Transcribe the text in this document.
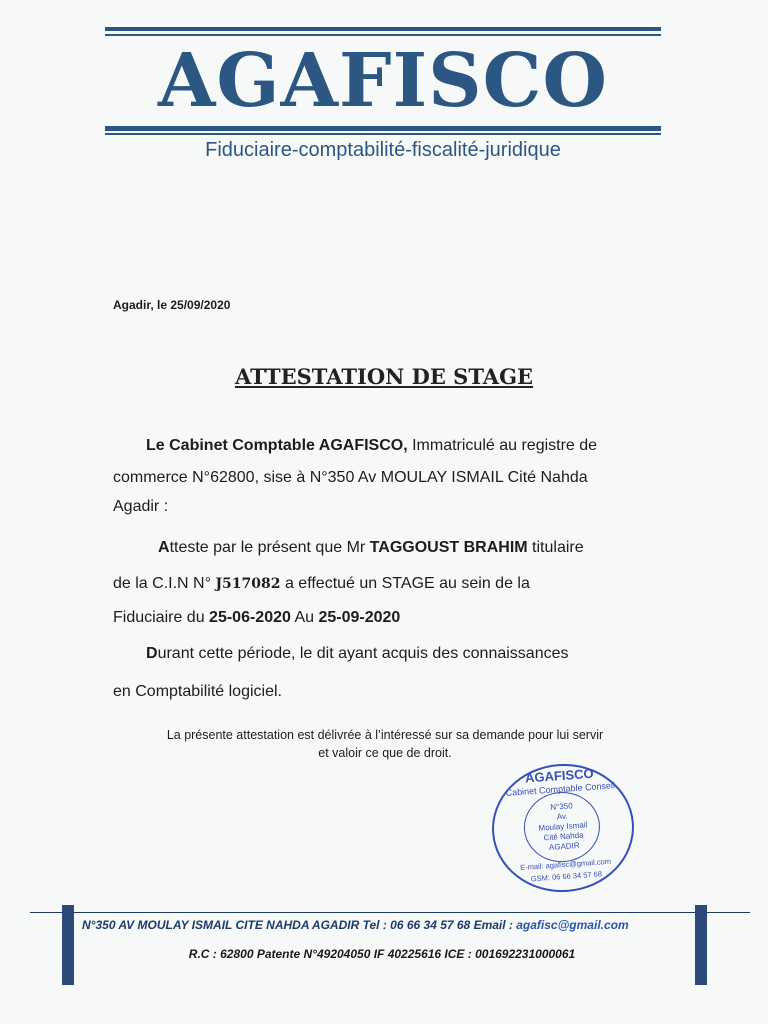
AGAFISCO
Fiduciaire-comptabilité-fiscalité-juridique
Agadir, le 25/09/2020
ATTESTATION DE STAGE
Le Cabinet Comptable AGAFISCO, Immatriculé au registre de
commerce N°62800, sise à N°350 Av MOULAY ISMAIL Cité Nahda
Agadir :
Atteste par le présent que Mr TAGGOUST BRAHIM titulaire
de la C.I.N N° J517082 a effectué un STAGE au sein de la
Fiduciaire du 25-06-2020 Au 25-09-2020
Durant cette période, le dit ayant acquis des connaissances
en Comptabilité logiciel.
La présente attestation est délivrée à l’intéressé sur sa demande pour lui servir
et valoir ce que de droit.
AGAFISCO
Cabinet Comptable Conseil
N°350
Av.
Moulay Ismail
Cité Nahda
AGADIR
E-mail: agafisc@gmail.com
GSM: 06 66 34 57 68
N°350 AV MOULAY ISMAIL CITE NAHDA AGADIR Tel : 06 66 34 57 68 Email : agafisc@gmail.com
R.C : 62800 Patente N°49204050 IF 40225616 ICE : 001692231000061
